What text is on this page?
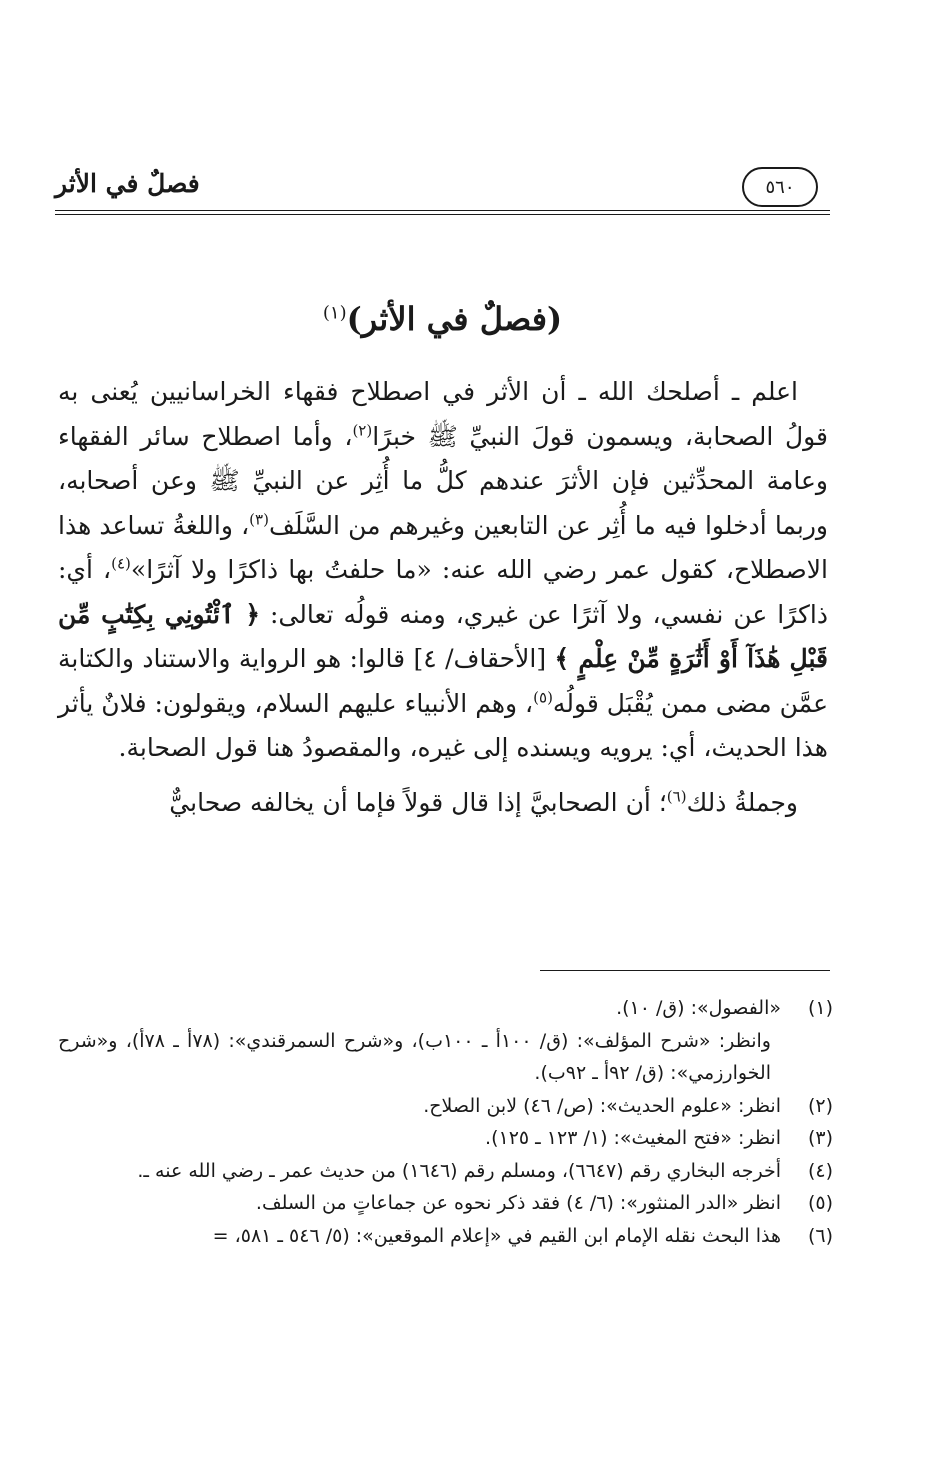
٥٦٠
فصلٌ في الأثر
(فصلٌ في الأثر)$^{(١)}$

اعلم ـ أصلحك الله ـ أن الأثر في اصطلاح فقهاء الخراسانيين يُعنى به قولُ الصحابة، ويسمون قولَ النبيِّ ﷺ خبرًا$^{(٢)}$، وأما اصطلاح سائر الفقهاء وعامة المحدِّثين فإن الأثرَ عندهم كلُّ ما أُثِر عن النبيِّ ﷺ وعن أصحابه، وربما أدخلوا فيه ما أُثِر عن التابعين وغيرهم من السَّلَف$^{(٣)}$، واللغةُ تساعد هذا الاصطلاح، كقول عمر رضي الله عنه: «ما حلفتُ بها ذاكرًا ولا آثرًا»$^{(٤)}$، أي: ذاكرًا عن نفسي، ولا آثرًا عن غيري، ومنه قولُه تعالى: ﴿ ٱئْتُونِي بِكِتَٰبٍ مِّن قَبْلِ هَٰذَآ أَوْ أَثَٰرَةٍ مِّنْ عِلْمٍ ﴾ [الأحقاف/ ٤] قالوا: هو الرواية والاستناد والكتابة عمَّن مضى ممن يُقْبَل قولُه$^{(٥)}$، وهم الأنبياء عليهم السلام، ويقولون: فلانٌ يأثر هذا الحديث، أي: يرويه ويسنده إلى غيره، والمقصودُ هنا قول الصحابة.

وجملةُ ذلك$^{(٦)}$؛ أن الصحابيَّ إذا قال قولاً فإما أن يخالفه صحابيٌّ

(١)
«الفصول»: (ق/ ١٠).
وانظر: «شرح المؤلف»: (ق/ ١٠٠أ ـ ١٠٠ب)، و«شرح السمرقندي»: (٧٨أ ـ ٧٨أ)، و«شرح الخوارزمي»: (ق/ ٩٢أ ـ ٩٢ب).
(٢)
انظر: «علوم الحديث»: (ص/ ٤٦) لابن الصلاح.
(٣)
انظر: «فتح المغيث»: (١/ ١٢٣ ـ ١٢٥).
(٤)
أخرجه البخاري رقم (٦٦٤٧)، ومسلم رقم (١٦٤٦) من حديث عمر ـ رضي الله عنه ـ.
(٥)
انظر «الدر المنثور»: (٦/ ٤) فقد ذكر نحوه عن جماعاتٍ من السلف.
(٦)
هذا البحث نقله الإمام ابن القيم في «إعلام الموقعين»: (٥/ ٥٤٦ ـ ٥٨١، =
